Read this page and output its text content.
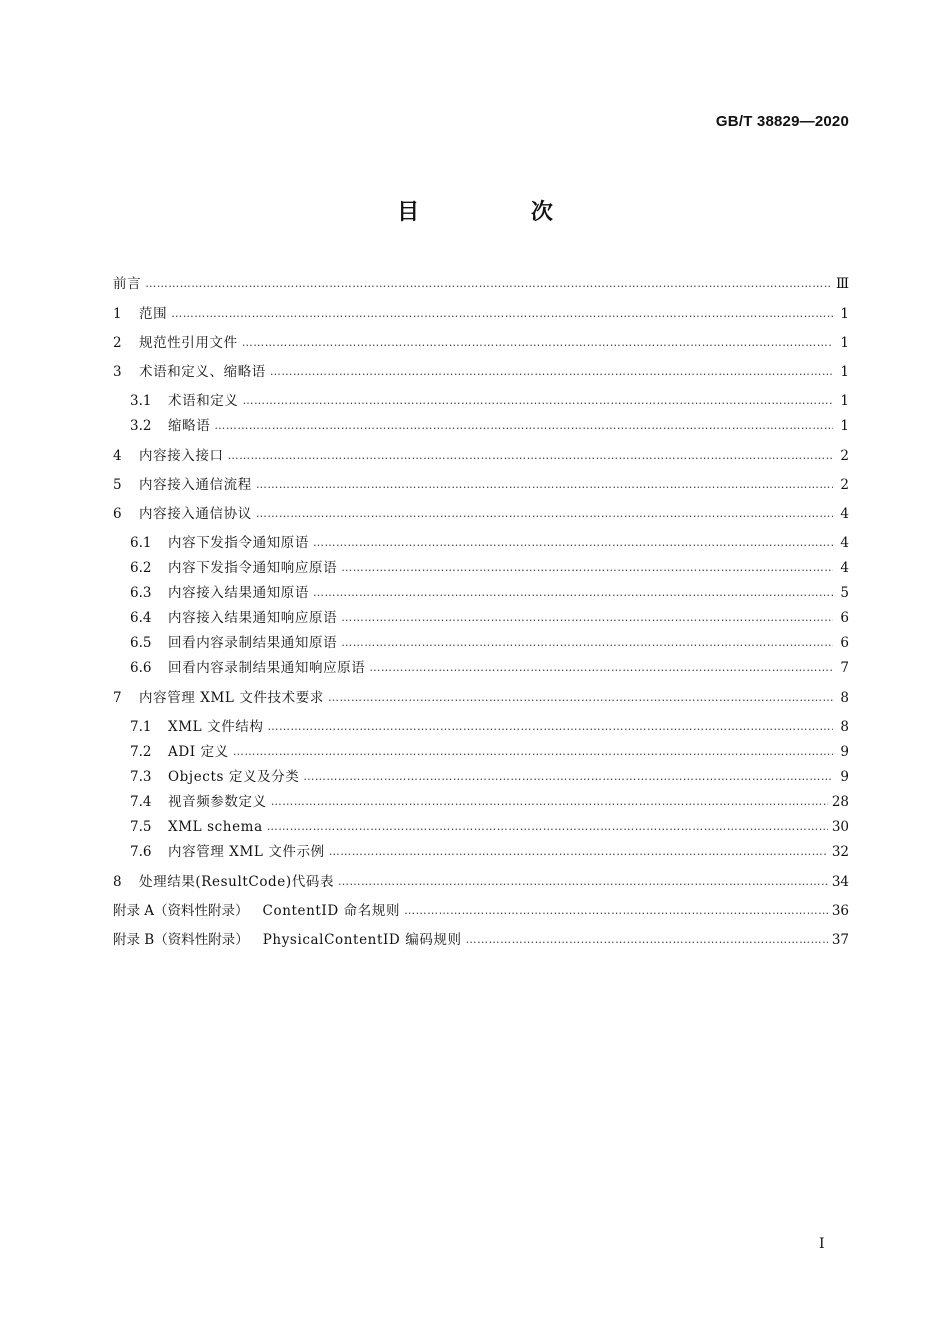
GB/T 38829—2020
目 次
前言 ……………………………………………………………………………………………………………………………………………………………………………………………………………………………………………………………	Ⅲ
1	范围 ……………………………………………………………………………………………………………………………………………………………………………………………………………………………………………………………	1
2	规范性引用文件 ……………………………………………………………………………………………………………………………………………………………………………………………………………………………………………………………	1
3	术语和定义、缩略语 ……………………………………………………………………………………………………………………………………………………………………………………………………………………………………………………………	1
3.1	术语和定义 ……………………………………………………………………………………………………………………………………………………………………………………………………………………………………………………………	1
3.2	缩略语 ……………………………………………………………………………………………………………………………………………………………………………………………………………………………………………………………	1
4	内容接入接口 ……………………………………………………………………………………………………………………………………………………………………………………………………………………………………………………………	2
5	内容接入通信流程 ……………………………………………………………………………………………………………………………………………………………………………………………………………………………………………………………	2
6	内容接入通信协议 ……………………………………………………………………………………………………………………………………………………………………………………………………………………………………………………………	4
6.1	内容下发指令通知原语 ……………………………………………………………………………………………………………………………………………………………………………………………………………………………………………………………	4
6.2	内容下发指令通知响应原语 ……………………………………………………………………………………………………………………………………………………………………………………………………………………………………………………………	4
6.3	内容接入结果通知原语 ……………………………………………………………………………………………………………………………………………………………………………………………………………………………………………………………	5
6.4	内容接入结果通知响应原语 ……………………………………………………………………………………………………………………………………………………………………………………………………………………………………………………………	6
6.5	回看内容录制结果通知原语 ……………………………………………………………………………………………………………………………………………………………………………………………………………………………………………………………	6
6.6	回看内容录制结果通知响应原语 ……………………………………………………………………………………………………………………………………………………………………………………………………………………………………………………………	7
7	内容管理 XML 文件技术要求 ……………………………………………………………………………………………………………………………………………………………………………………………………………………………………………………………	8
7.1	XML 文件结构 ……………………………………………………………………………………………………………………………………………………………………………………………………………………………………………………………	8
7.2	ADI 定义 ……………………………………………………………………………………………………………………………………………………………………………………………………………………………………………………………	9
7.3	Objects 定义及分类 ……………………………………………………………………………………………………………………………………………………………………………………………………………………………………………………………	9
7.4	视音频参数定义 ……………………………………………………………………………………………………………………………………………………………………………………………………………………………………………………………	28
7.5	XML schema ……………………………………………………………………………………………………………………………………………………………………………………………………………………………………………………………	30
7.6	内容管理 XML 文件示例 ……………………………………………………………………………………………………………………………………………………………………………………………………………………………………………………………	32
8	处理结果(ResultCode)代码表 ……………………………………………………………………………………………………………………………………………………………………………………………………………………………………………………………	34
附录 A（资料性附录）	ContentID 命名规则 ……………………………………………………………………………………………………………………………………………………………………………………………………………………………………………………………	36
附录 B（资料性附录）	PhysicalContentID 编码规则 ……………………………………………………………………………………………………………………………………………………………………………………………………………………………………………………………	37
I
